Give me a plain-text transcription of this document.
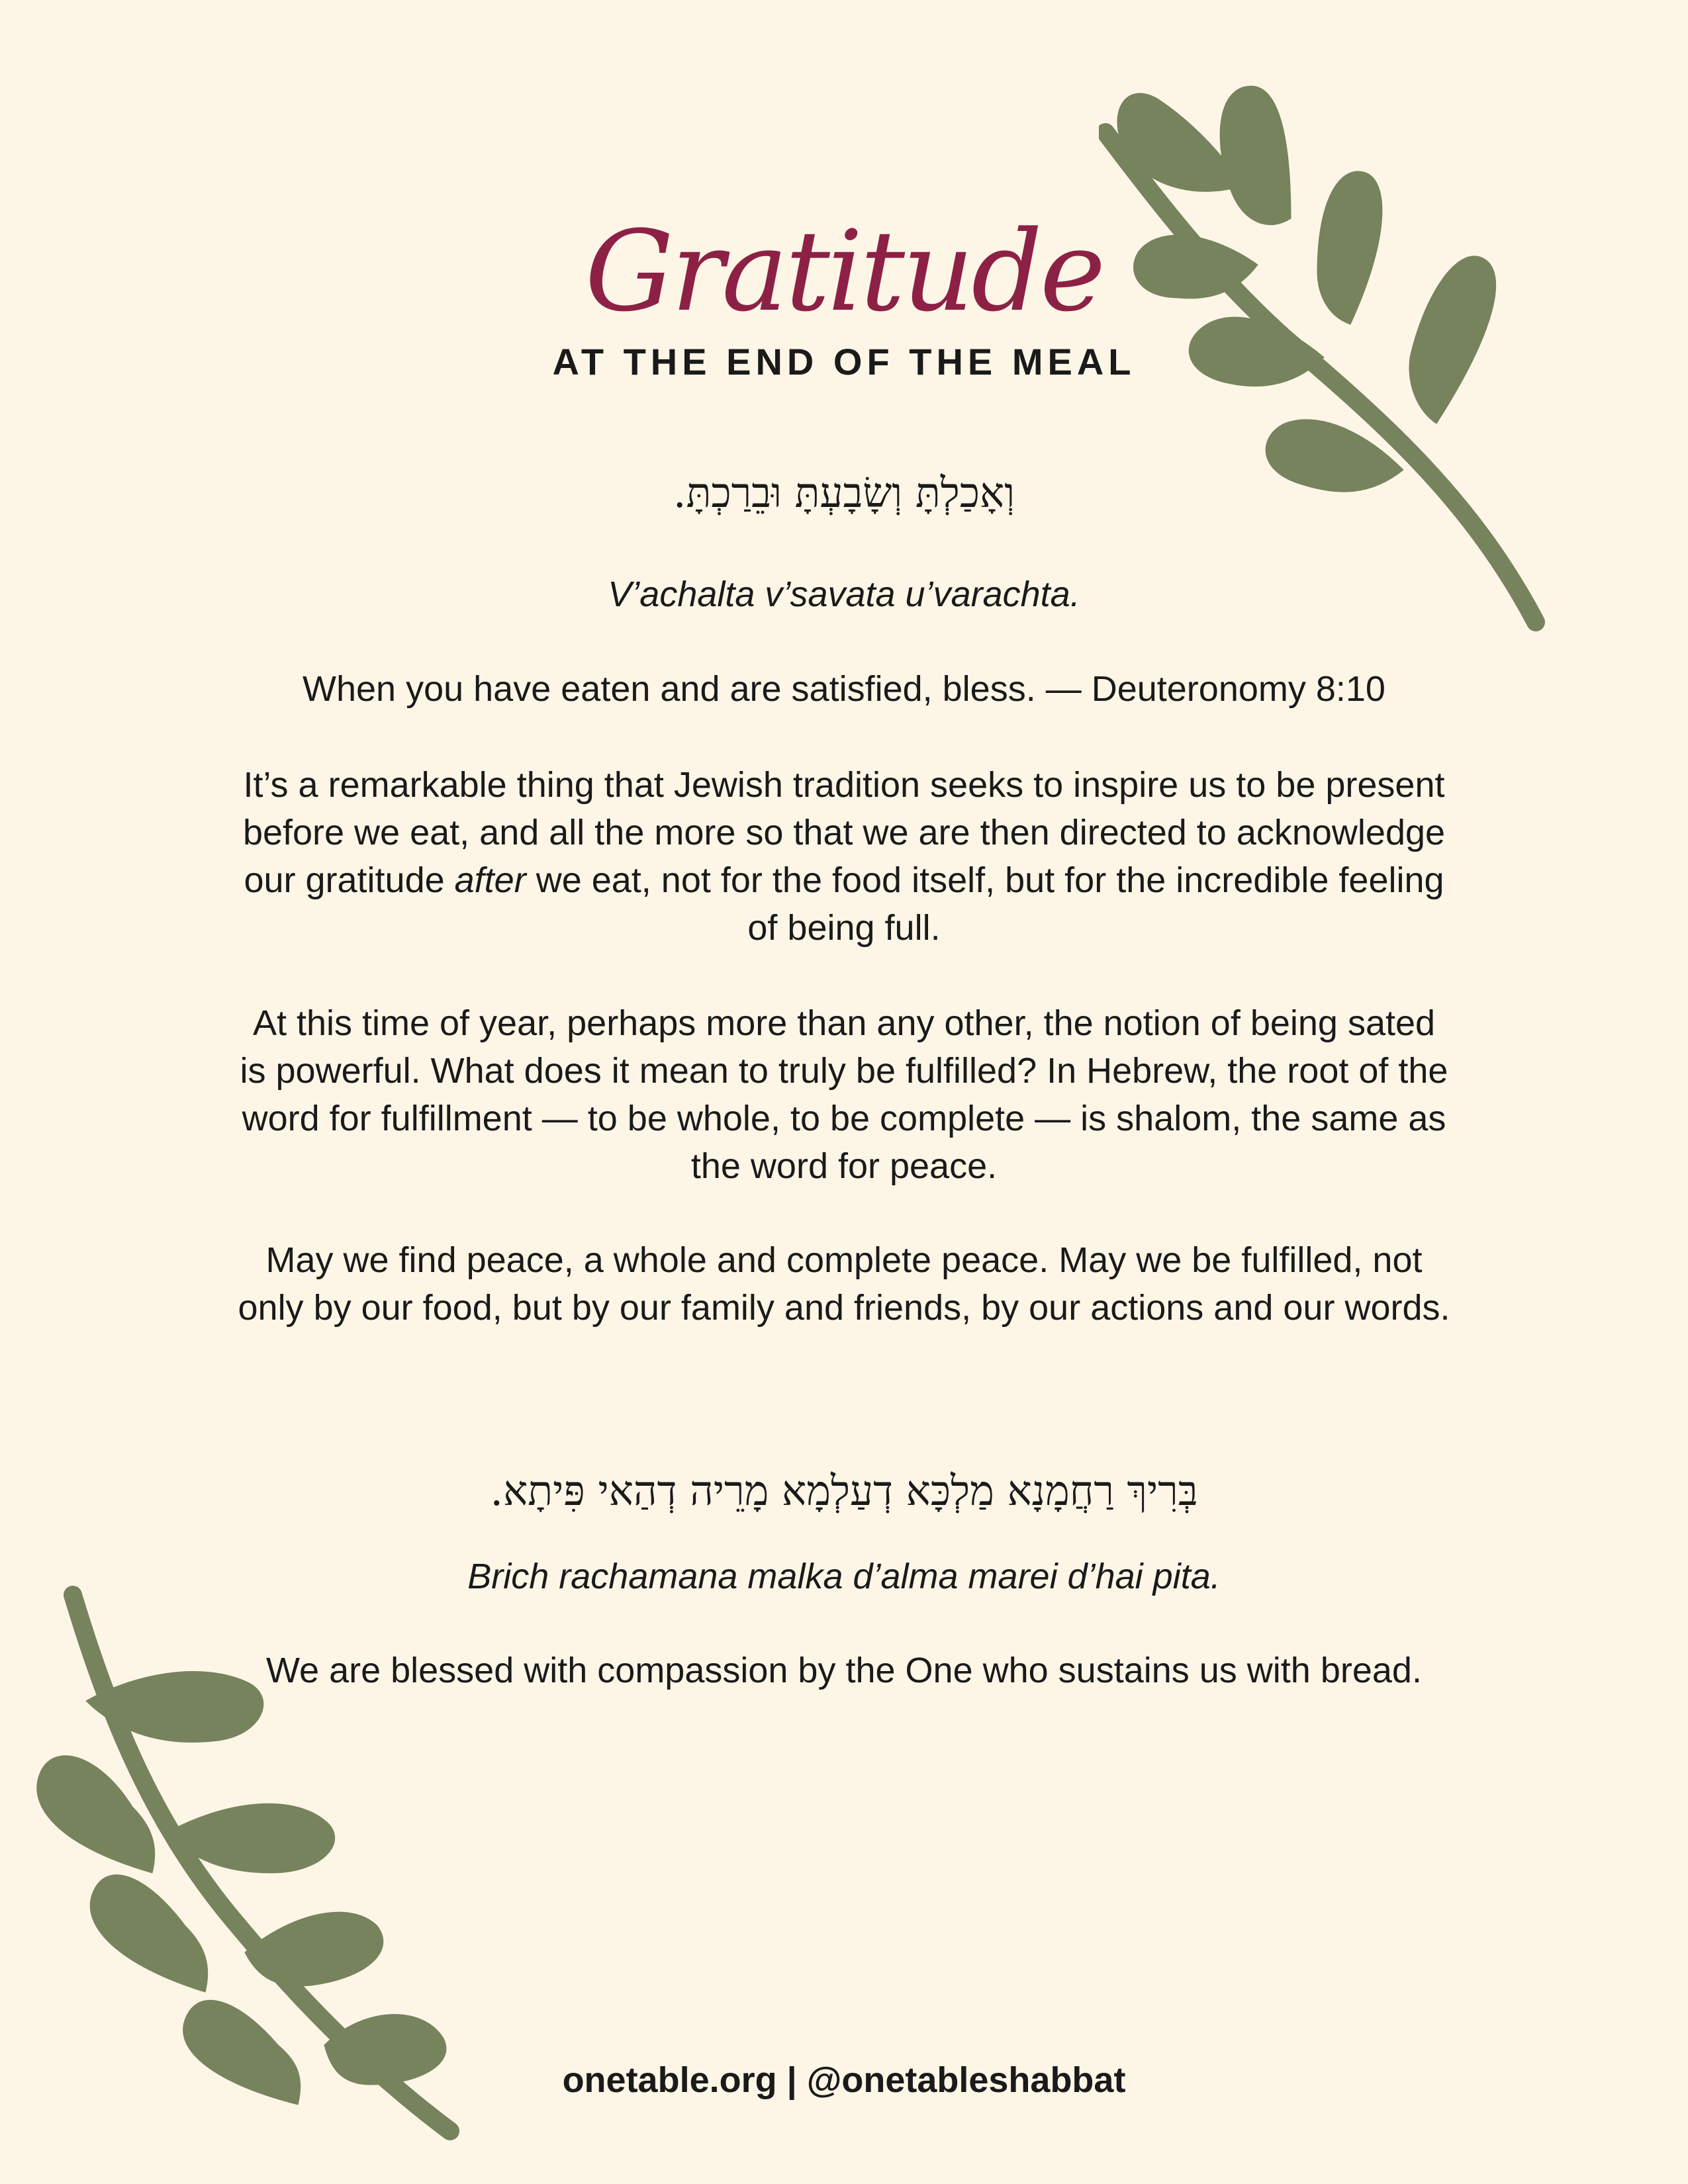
Gratitude
AT THE END OF THE MEAL
וְאָכַלְתָּ וְשָׂבָעְתָּ וּבֵרַכְתָּ.
V’achalta v’savata u’varachta.
When you have eaten and are satisfied, bless. — Deuteronomy 8:10
It’s a remarkable thing that Jewish tradition seeks to inspire us to be present before we eat, and all the more so that we are then directed to acknowledge our gratitude after we eat, not for the food itself, but for the incredible feeling of being full.
At this time of year, perhaps more than any other, the notion of being sated is powerful. What does it mean to truly be fulfilled? In Hebrew, the root of the word for fulfillment — to be whole, to be complete — is shalom, the same as the word for peace.
May we find peace, a whole and complete peace. May we be fulfilled, not only by our food, but by our family and friends, by our actions and our words.
בְּרִיךְ רַחֲמָנָא מַלְכָּא דְעַלְמָא מָרֵיה דְהַאי פִּיתָא.
Brich rachamana malka d’alma marei d’hai pita.
We are blessed with compassion by the One who sustains us with bread.
onetable.org | @onetableshabbat
